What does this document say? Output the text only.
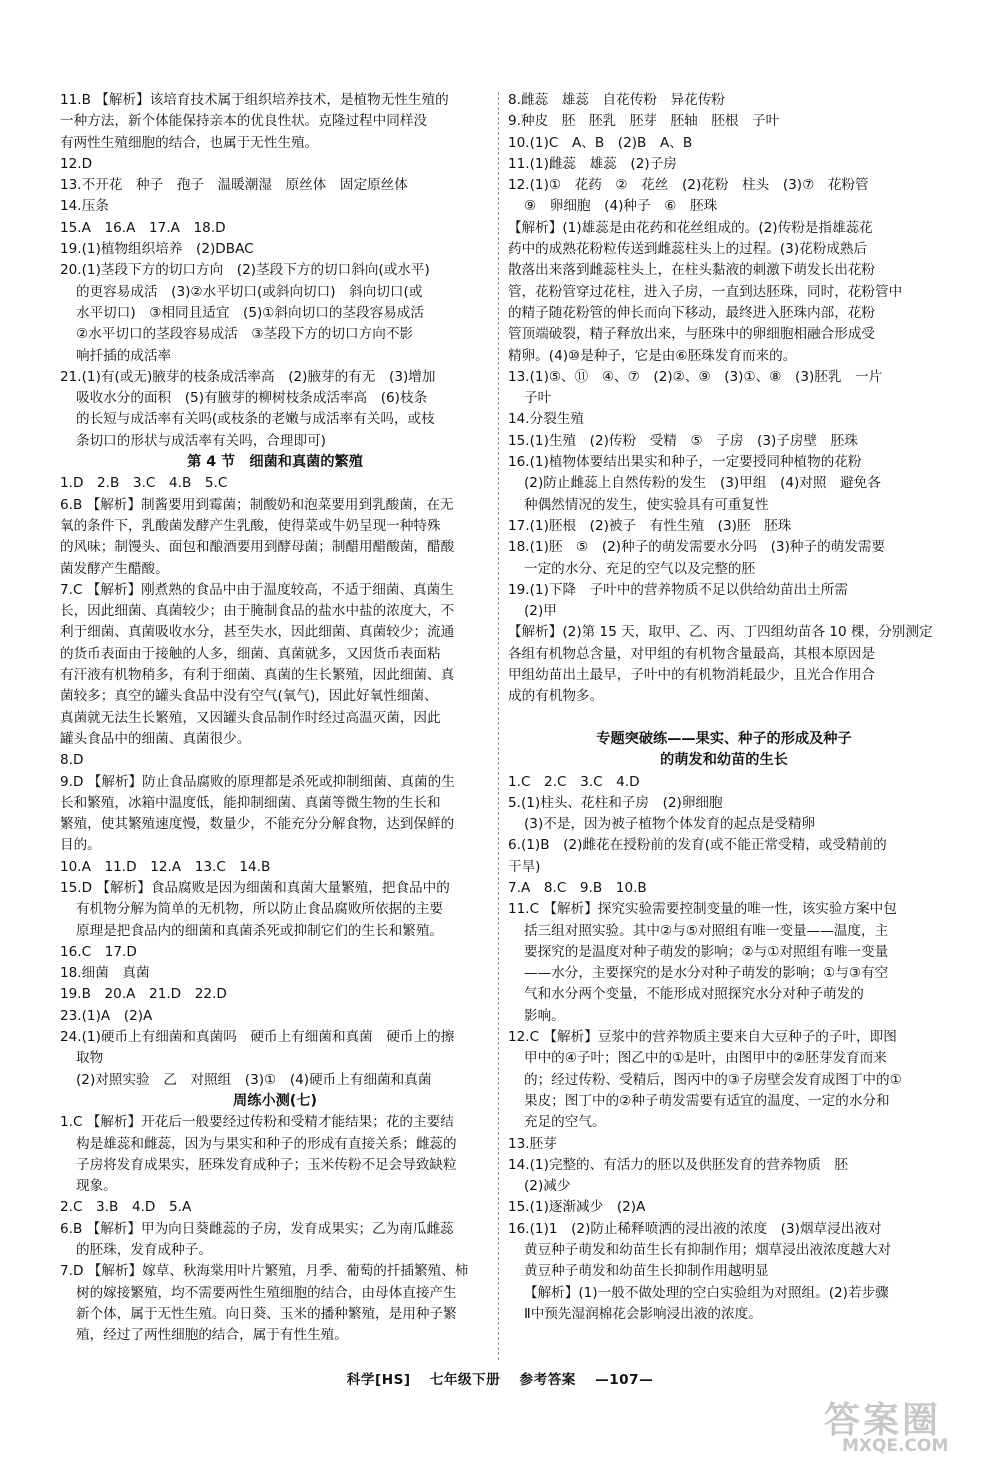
11.B 【解析】该培育技术属于组织培养技术，是植物无性生殖的
一种方法，新个体能保持亲本的优良性状。克隆过程中同样没
有两性生殖细胞的结合，也属于无性生殖。
12.D
13.不开花　种子　孢子　温暖潮湿　原丝体　固定原丝体
14.压条
15.A　16.A　17.A　18.D
19.(1)植物组织培养　(2)DBAC
20.(1)茎段下方的切口方向　(2)茎段下方的切口斜向(或水平)
的更容易成活　(3)②水平切口(或斜向切口)　斜向切口(或
水平切口)　③相同且适宜　(5)①斜向切口的茎段容易成活
②水平切口的茎段容易成活　③茎段下方的切口方向不影
响扦插的成活率
21.(1)有(或无)腋芽的枝条成活率高　(2)腋芽的有无　(3)增加
吸收水分的面积　(5)有腋芽的柳树枝条成活率高　(6)枝条
的长短与成活率有关吗(或枝条的老嫩与成活率有关吗，或枝
条切口的形状与成活率有关吗，合理即可)
第 4 节　细菌和真菌的繁殖
1.D　2.B　3.C　4.B　5.C
6.B 【解析】制酱要用到霉菌；制酸奶和泡菜要用到乳酸菌，在无
氧的条件下，乳酸菌发酵产生乳酸，使得菜或牛奶呈现一种特殊
的风味；制馒头、面包和酿酒要用到酵母菌；制醋用醋酸菌，醋酸
菌发酵产生醋酸。
7.C 【解析】刚煮熟的食品中由于温度较高，不适于细菌、真菌生
长，因此细菌、真菌较少；由于腌制食品的盐水中盐的浓度大，不
利于细菌、真菌吸收水分，甚至失水，因此细菌、真菌较少；流通
的货币表面由于接触的人多，细菌、真菌就多，又因货币表面粘
有汗液有机物稍多，有利于细菌、真菌的生长繁殖，因此细菌、真
菌较多；真空的罐头食品中没有空气(氧气)，因此好氧性细菌、
真菌就无法生长繁殖，又因罐头食品制作时经过高温灭菌，因此
罐头食品中的细菌、真菌很少。
8.D
9.D 【解析】防止食品腐败的原理都是杀死或抑制细菌、真菌的生
长和繁殖，冰箱中温度低，能抑制细菌、真菌等微生物的生长和
繁殖，使其繁殖速度慢，数量少，不能充分分解食物，达到保鲜的
目的。
10.A　11.D　12.A　13.C　14.B
15.D 【解析】食品腐败是因为细菌和真菌大量繁殖，把食品中的
有机物分解为简单的无机物，所以防止食品腐败所依据的主要
原理是把食品内的细菌和真菌杀死或抑制它们的生长和繁殖。
16.C　17.D
18.细菌　真菌
19.B　20.A　21.D　22.D
23.(1)A　(2)A
24.(1)硬币上有细菌和真菌吗　硬币上有细菌和真菌　硬币上的擦
取物
(2)对照实验　乙　对照组　(3)①　(4)硬币上有细菌和真菌
周练小测(七)
1.C 【解析】开花后一般要经过传粉和受精才能结果；花的主要结
构是雄蕊和雌蕊，因为与果实和种子的形成有直接关系；雌蕊的
子房将发育成果实，胚珠发育成种子；玉米传粉不足会导致缺粒
现象。
2.C　3.B　4.D　5.A
6.B 【解析】甲为向日葵雌蕊的子房，发育成果实；乙为南瓜雌蕊
的胚珠，发育成种子。
7.D 【解析】嫁草、秋海棠用叶片繁殖，月季、葡萄的扦插繁殖、柿
树的嫁接繁殖，均不需要两性生殖细胞的结合，由母体直接产生
新个体，属于无性生殖。向日葵、玉米的播种繁殖，是用种子繁
殖，经过了两性细胞的结合，属于有性生殖。
8.雌蕊　雄蕊　自花传粉　异花传粉
9.种皮　胚　胚乳　胚芽　胚轴　胚根　子叶
10.(1)C　A、B　(2)B　A、B
11.(1)雌蕊　雄蕊　(2)子房
12.(1)①　花药　②　花丝　(2)花粉　柱头　(3)⑦　花粉管
⑨　卵细胞　(4)种子　⑥　胚珠
【解析】(1)雄蕊是由花药和花丝组成的。(2)传粉是指雄蕊花
药中的成熟花粉粒传送到雌蕊柱头上的过程。(3)花粉成熟后
散落出来落到雌蕊柱头上，在柱头黏液的刺激下萌发长出花粉
管，花粉管穿过花柱，进入子房，一直到达胚珠，同时，花粉管中
的精子随花粉管的伸长而向下移动，最终进入胚珠内部，花粉
管顶端破裂，精子释放出来，与胚珠中的卵细胞相融合形成受
精卵。(4)⑩是种子，它是由⑥胚珠发育而来的。
13.(1)⑤、⑪　④、⑦　(2)②、⑨　(3)①、⑧　(3)胚乳　一片
子叶
14.分裂生殖
15.(1)生殖　(2)传粉　受精　⑤　子房　(3)子房壁　胚珠
16.(1)植物体要结出果实和种子，一定要授同种植物的花粉
(2)防止雌蕊上自然传粉的发生　(3)甲组　(4)对照　避免各
种偶然情况的发生，使实验具有可重复性
17.(1)胚根　(2)被子　有性生殖　(3)胚　胚珠
18.(1)胚　⑤　(2)种子的萌发需要水分吗　(3)种子的萌发需要
一定的水分、充足的空气以及完整的胚
19.(1)下降　子叶中的营养物质不足以供给幼苗出土所需
(2)甲
【解析】(2)第 15 天，取甲、乙、丙、丁四组幼苗各 10 棵，分别测定
各组有机物总含量，对甲组的有机物含量最高，其根本原因是
甲组幼苗出土最早，子叶中的有机物消耗最少，且光合作用合
成的有机物多。
专题突破练——果实、种子的形成及种子
的萌发和幼苗的生长
1.C　2.C　3.C　4.D
5.(1)柱头、花柱和子房　(2)卵细胞
(3)不是，因为被子植物个体发育的起点是受精卵
6.(1)B　(2)雌花在授粉前的发育(或不能正常受精，或受精前的
干旱)
7.A　8.C　9.B　10.B
11.C 【解析】探究实验需要控制变量的唯一性，该实验方案中包
括三组对照实验。其中②与⑤对照组有唯一变量——温度，主
要探究的是温度对种子萌发的影响；②与①对照组有唯一变量
——水分，主要探究的是水分对种子萌发的影响；①与③有空
气和水分两个变量，不能形成对照探究水分对种子萌发的
影响。
12.C 【解析】豆浆中的营养物质主要来自大豆种子的子叶，即图
甲中的④子叶；图乙中的①是叶，由图甲中的②胚芽发育而来
的；经过传粉、受精后，图丙中的③子房壁会发育成图丁中的①
果皮；图丁中的②种子萌发需要有适宜的温度、一定的水分和
充足的空气。
13.胚芽
14.(1)完整的、有活力的胚以及供胚发育的营养物质　胚
(2)减少
15.(1)逐渐减少　(2)A
16.(1)1　(2)防止稀释喷洒的浸出液的浓度　(3)烟草浸出液对
黄豆种子萌发和幼苗生长有抑制作用；烟草浸出液浓度越大对
黄豆种子萌发和幼苗生长抑制作用越明显
【解析】(1)一般不做处理的空白实验组为对照组。(2)若步骤
Ⅱ中预先湿润棉花会影响浸出液的浓度。
科学[HS] 七年级下册 参考答案 —107—
答案圈
MXQE.COM
